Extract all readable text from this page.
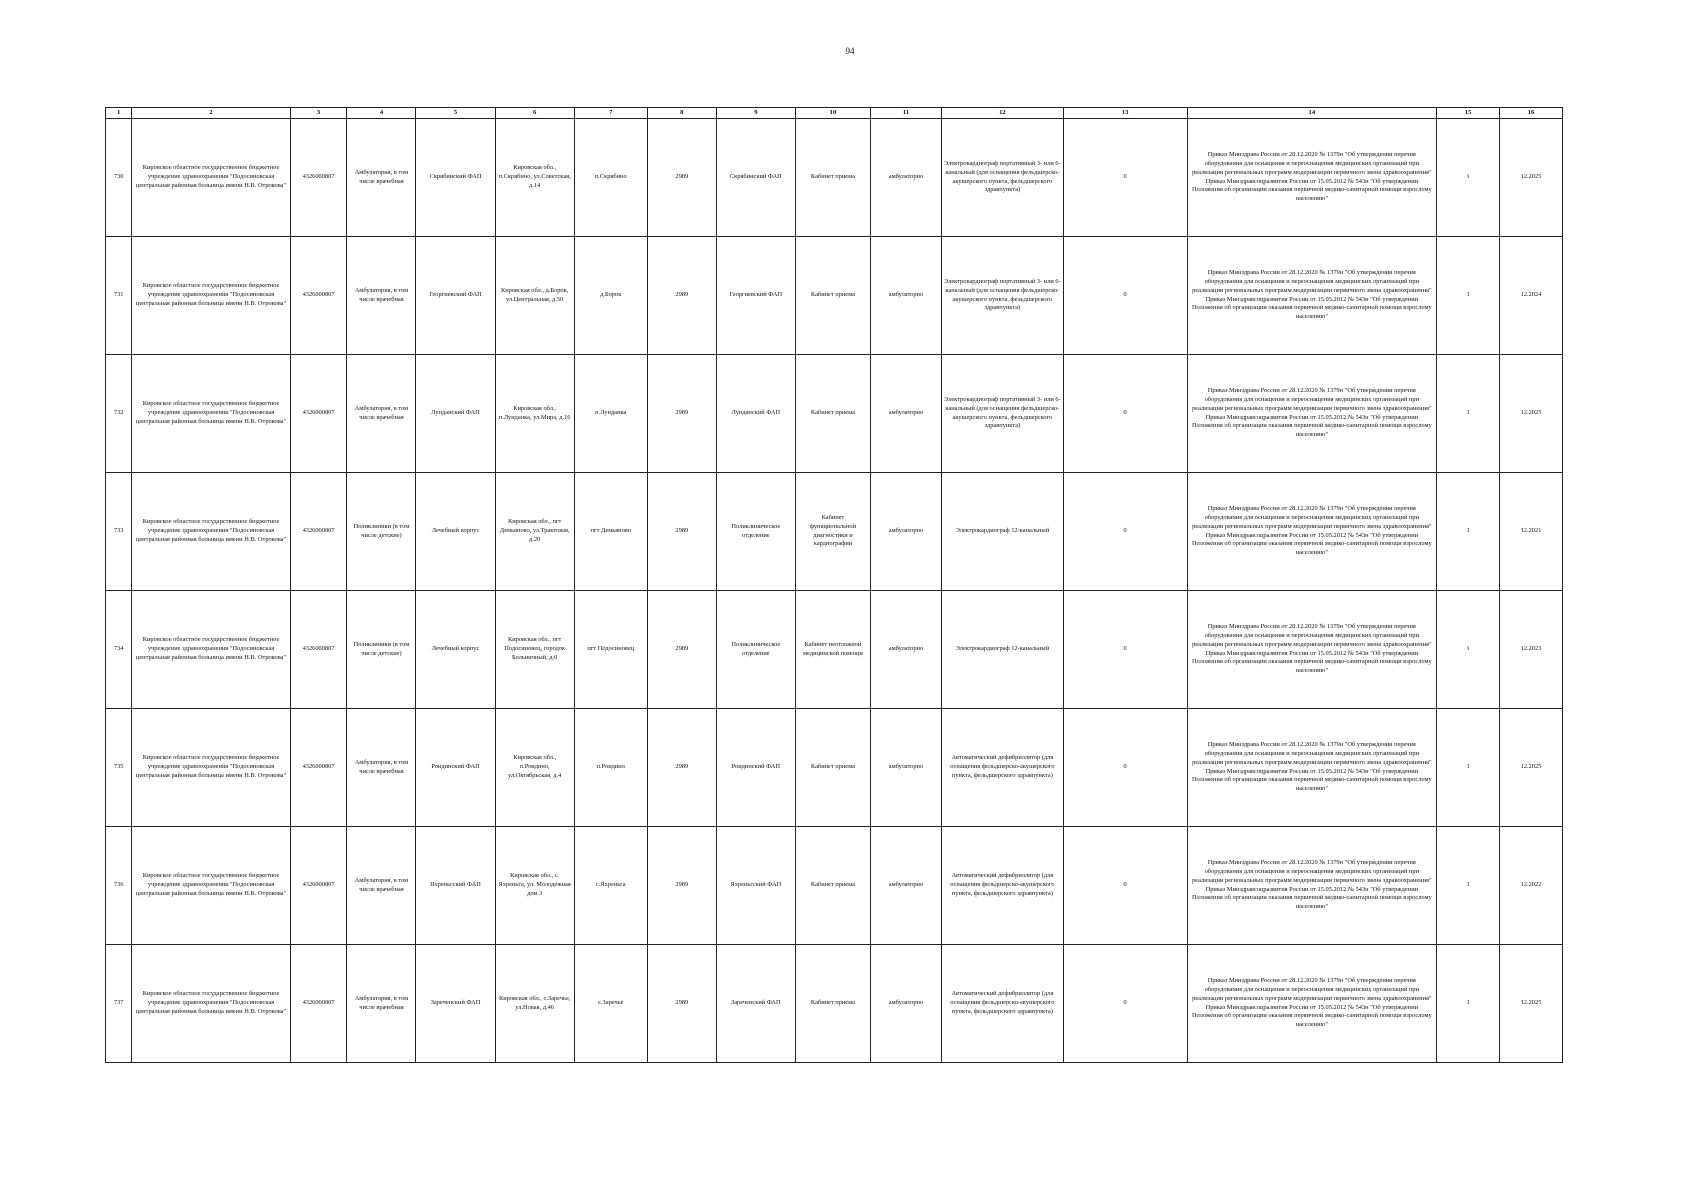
94
1	2	3	4	5	6	7	8	9	10	11	12	13	14	15	16
730	Кировское областное государственное бюджетное учреждение здравоохранения "Подосиновская центральная районная больница имени Н.В. Отрокова"	4326000807	Амбулатория, в том числе врачебная	Скрябинский ФАП	Кировская обл., п.Скрябино, ул.Советская, д.14	п.Скрябино	2989	Скрябинский ФАП	Кабинет приема	амбулаторно	Электрокардиограф портативный 3- или 6-канальный (для оснащения фельдшерско-акушерского пункта, фельдшерского здравпункта)	0	Приказ Минздрава России от 28.12.2020 № 1379н "Об утверждении перечня оборудования для оснащения и переоснащения медицинских организаций при реализации региональных программ модернизации первичного звена здравоохранения" Приказ Минздравсоцразвития России от 15.05.2012 № 543н "Об утверждении Положения об организации оказания первичной медико-санитарной помощи взрослому населению"	1	12.2025
731	Кировское областное государственное бюджетное учреждение здравоохранения "Подосиновская центральная районная больница имени Н.В. Отрокова"	4326000807	Амбулатория, в том числе врачебная	Георгиевский ФАП	Кировская обл., д.Борок, ул.Центральная, д.50	д.Борок	2989	Георгиевский ФАП	Кабинет приема	амбулаторно	Электрокардиограф портативный 3- или 6-канальный (для оснащения фельдшерско-акушерского пункта, фельдшерского здравпункта)	0	Приказ Минздрава России от 28.12.2020 № 1379н "Об утверждении перечня оборудования для оснащения и переоснащения медицинских организаций при реализации региональных программ модернизации первичного звена здравоохранения" Приказ Минздравсоцразвития России от 15.05.2012 № 543н "Об утверждении Положения об организации оказания первичной медико-санитарной помощи взрослому населению"	1	12.2024
732	Кировское областное государственное бюджетное учреждение здравоохранения "Подосиновская центральная районная больница имени Н.В. Отрокова"	4326000807	Амбулатория, в том числе врачебная	Лунданский ФАП	Кировская обл., п.Лунданка, ул.Мира, д.16	п.Лунданка	2989	Лунданский ФАП	Кабинет приема	амбулаторно	Электрокардиограф портативный 3- или 6-канальный (для оснащения фельдшерско-акушерского пункта, фельдшерского здравпункта)	0	Приказ Минздрава России от 28.12.2020 № 1379н "Об утверждении перечня оборудования для оснащения и переоснащения медицинских организаций при реализации региональных программ модернизации первичного звена здравоохранения" Приказ Минздравсоцразвития России от 15.05.2012 № 543н "Об утверждении Положения об организации оказания первичной медико-санитарной помощи взрослому населению"	1	12.2025
733	Кировское областное государственное бюджетное учреждение здравоохранения "Подосиновская центральная районная больница имени Н.В. Отрокова"	4326000807	Поликлиники (в том числе детские)	Лечебный корпус	Кировская обл., пгт Демьяново, ул.Трактовая, д.20	пгт Демьяново	2989	Поликлиническое отделение	Кабинет функциональной диагностики и кардиографии	амбулаторно	Электрокардиограф 12-канальный	0	Приказ Минздрава России от 28.12.2020 № 1379н "Об утверждении перечня оборудования для оснащения и переоснащения медицинских организаций при реализации региональных программ модернизации первичного звена здравоохранения" Приказ Минздравсоцразвития России от 15.05.2012 № 543н "Об утверждении Положения об организации оказания первичной медико-санитарной помощи взрослому населению"	1	12.2021
734	Кировское областное государственное бюджетное учреждение здравоохранения "Подосиновская центральная районная больница имени Н.В. Отрокова"	4326000807	Поликлиники (в том числе детские)	Лечебный корпус	Кировская обл., пгт Подосиновец, городок Больничный, д.0	пгт Подосиновец	2989	Поликлиническое отделение	Кабинет неотложной медицинской помощи	амбулаторно	Электрокардиограф 12-канальный	0	Приказ Минздрава России от 28.12.2020 № 1379н "Об утверждении перечня оборудования для оснащения и переоснащения медицинских организаций при реализации региональных программ модернизации первичного звена здравоохранения" Приказ Минздравсоцразвития России от 15.05.2012 № 543н "Об утверждении Положения об организации оказания первичной медико-санитарной помощи взрослому населению"	1	12.2023
735	Кировское областное государственное бюджетное учреждение здравоохранения "Подосиновская центральная районная больница имени Н.В. Отрокова"	4326000807	Амбулатория, в том числе врачебная	Роидинский ФАП	Кировская обл., п.Роидино, ул.Октябрьская, д.4	п.Роидино	2989	Роидинский ФАП	Кабинет приема	амбулаторно	Автоматический дефибриллятор (для оснащения фельдшерско-акушерского пункта, фельдшерского здравпункта)	0	Приказ Минздрава России от 28.12.2020 № 1379н "Об утверждении перечня оборудования для оснащения и переоснащения медицинских организаций при реализации региональных программ модернизации первичного звена здравоохранения" Приказ Минздравсоцразвития России от 15.05.2012 № 543н "Об утверждении Положения об организации оказания первичной медико-санитарной помощи взрослому населению"	1	12.2025
736	Кировское областное государственное бюджетное учреждение здравоохранения "Подосиновская центральная районная больница имени Н.В. Отрокова"	4326000807	Амбулатория, в том числе врачебная	Яхреньгский ФАП	Кировская обл., с. Яхреньга, ул. Молодежная дом 3	с.Яхреньга	2989	Яхреньгский ФАП	Кабинет приема	амбулаторно	Автоматический дефибриллятор (для оснащения фельдшерско-акушерского пункта, фельдшерского здравпункта)	0	Приказ Минздрава России от 28.12.2020 № 1379н "Об утверждении перечня оборудования для оснащения и переоснащения медицинских организаций при реализации региональных программ модернизации первичного звена здравоохранения" Приказ Минздравсоцразвития России от 15.05.2012 № 543н "Об утверждении Положения об организации оказания первичной медико-санитарной помощи взрослому населению"	1	12.2022
737	Кировское областное государственное бюджетное учреждение здравоохранения "Подосиновская центральная районная больница имени Н.В. Отрокова"	4326000807	Амбулатория, в том числе врачебная	Зареченский ФАП	Кировская обл., с.Заречье, ул.Новая, д.46	с.Заречье	2989	Зареченский ФАП	Кабинет приема	амбулаторно	Автоматический дефибриллятор (для оснащения фельдшерско-акушерского пункта, фельдшерского здравпункта)	0	Приказ Минздрава России от 28.12.2020 № 1379н "Об утверждении перечня оборудования для оснащения и переоснащения медицинских организаций при реализации региональных программ модернизации первичного звена здравоохранения" Приказ Минздравсоцразвития России от 15.05.2012 № 543н "Об утверждении Положения об организации оказания первичной медико-санитарной помощи взрослому населению"	1	12.2025
